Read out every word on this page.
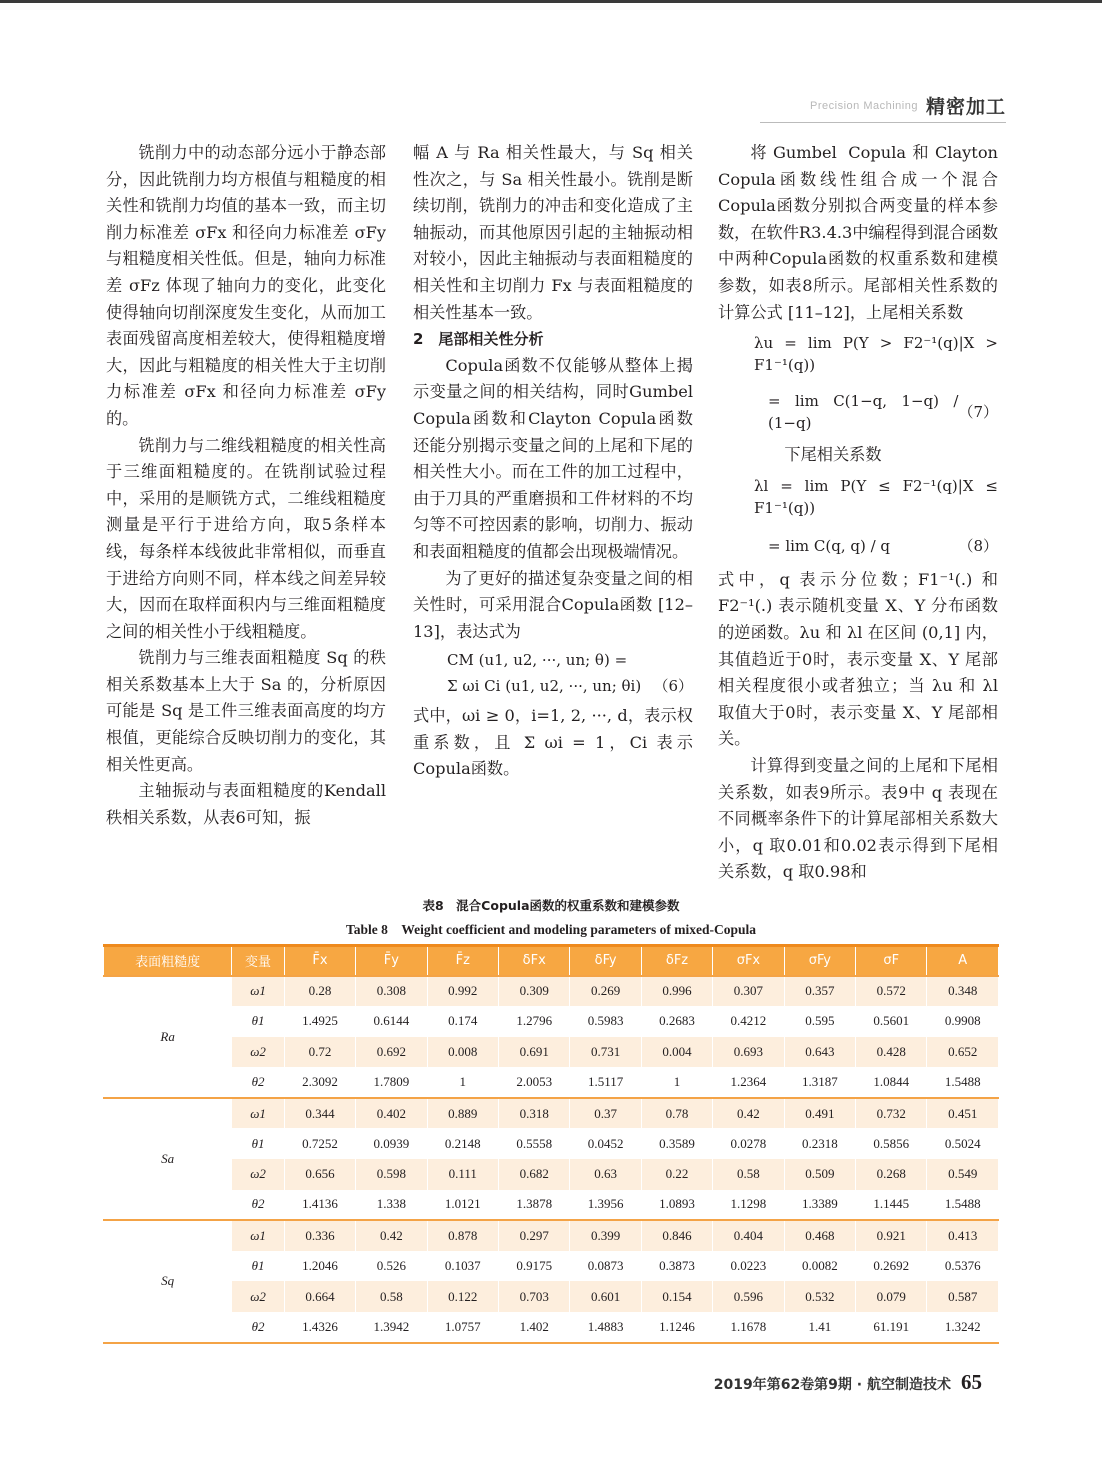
Precision Machining 精密加工

铣削力中的动态部分远小于静态部分，因此铣削力均方根值与粗糙度的相关性和铣削力均值的基本一致，而主切削力标准差 σFx 和径向力标准差 σFy 与粗糙度相关性低。但是，轴向力标准差 σFz 体现了轴向力的变化，此变化使得轴向切削深度发生变化，从而加工表面残留高度相差较大，使得粗糙度增大，因此与粗糙度的相关性大于主切削力标准差 σFx 和径向力标准差 σFy 的。

铣削力与二维线粗糙度的相关性高于三维面粗糙度的。在铣削试验过程中，采用的是顺铣方式，二维线粗糙度测量是平行于进给方向，取5条样本线，每条样本线彼此非常相似，而垂直于进给方向则不同，样本线之间差异较大，因而在取样面积内与三维面粗糙度之间的相关性小于线粗糙度。

铣削力与三维表面粗糙度 Sq 的秩相关系数基本上大于 Sa 的，分析原因可能是 Sq 是工件三维表面高度的均方根值，更能综合反映切削力的变化，其相关性更高。

主轴振动与表面粗糙度的Kendall秩相关系数，从表6可知，振

幅 A 与 Ra 相关性最大，与 Sq 相关性次之，与 Sa 相关性最小。铣削是断续切削，铣削力的冲击和变化造成了主轴振动，而其他原因引起的主轴振动相对较小，因此主轴振动与表面粗糙度的相关性和主切削力 Fx 与表面粗糙度的相关性基本一致。

2　尾部相关性分析

Copula函数不仅能够从整体上揭示变量之间的相关结构，同时Gumbel Copula函数和Clayton Copula函数还能分别揭示变量之间的上尾和下尾的相关性大小。而在工件的加工过程中，由于刀具的严重磨损和工件材料的不均匀等不可控因素的影响，切削力、振动和表面粗糙度的值都会出现极端情况。

为了更好的描述复杂变量之间的相关性时，可采用混合Copula函数 [12–13]，表达式为

CM (u1, u2, ···, un; θ) =
Σ ωi Ci (u1, u2, ···, un; θi) （6）

式中，ωi ≥ 0，i=1, 2, ···, d，表示权重系数，且 Σ ωi = 1，Ci 表示Copula函数。

将Gumbel Copula和Clayton Copula函数线性组合成一个混合Copula函数分别拟合两变量的样本参数，在软件R3.4.3中编程得到混合函数中两种Copula函数的权重系数和建模参数，如表8所示。尾部相关性系数的计算公式 [11–12]，上尾相关系数

λu = lim P(Y > F2⁻¹(q)|X > F1⁻¹(q))
= lim C(1−q, 1−q) / (1−q)
（7）

下尾相关系数

λl = lim P(Y ≤ F2⁻¹(q)|X ≤ F1⁻¹(q))
= lim C(q, q) / q	（8）

式中，q 表示分位数；F1⁻¹(.) 和 F2⁻¹(.) 表示随机变量 X、Y 分布函数的逆函数。λu 和 λl 在区间 (0,1] 内，其值趋近于0时，表示变量 X、Y 尾部相关程度很小或者独立；当 λu 和 λl 取值大于0时，表示变量 X、Y 尾部相关。

计算得到变量之间的上尾和下尾相关系数，如表9所示。表9中 q 表现在不同概率条件下的计算尾部相关系数大小，q 取0.01和0.02表示得到下尾相关系数，q 取0.98和

表8　混合Copula函数的权重系数和建模参数
Table 8　Weight coefficient and modeling parameters of mixed-Copula
表面粗糙度	变量	F̄x	F̄y	F̄z	δFx	δFy	δFz	σFx	σFy	σF	A
Ra	ω1	0.28	0.308	0.992	0.309	0.269	0.996	0.307	0.357	0.572	0.348
	θ1	1.4925	0.6144	0.174	1.2796	0.5983	0.2683	0.4212	0.595	0.5601	0.9908
	ω2	0.72	0.692	0.008	0.691	0.731	0.004	0.693	0.643	0.428	0.652
	θ2	2.3092	1.7809	1	2.0053	1.5117	1	1.2364	1.3187	1.0844	1.5488
Sa	ω1	0.344	0.402	0.889	0.318	0.37	0.78	0.42	0.491	0.732	0.451
	θ1	0.7252	0.0939	0.2148	0.5558	0.0452	0.3589	0.0278	0.2318	0.5856	0.5024
	ω2	0.656	0.598	0.111	0.682	0.63	0.22	0.58	0.509	0.268	0.549
	θ2	1.4136	1.338	1.0121	1.3878	1.3956	1.0893	1.1298	1.3389	1.1445	1.5488
Sq	ω1	0.336	0.42	0.878	0.297	0.399	0.846	0.404	0.468	0.921	0.413
	θ1	1.2046	0.526	0.1037	0.9175	0.0873	0.3873	0.0223	0.0082	0.2692	0.5376
	ω2	0.664	0.58	0.122	0.703	0.601	0.154	0.596	0.532	0.079	0.587
	θ2	1.4326	1.3942	1.0757	1.402	1.4883	1.1246	1.1678	1.41	61.191	1.3242
2019年第62卷第9期 · 航空制造技术 65
